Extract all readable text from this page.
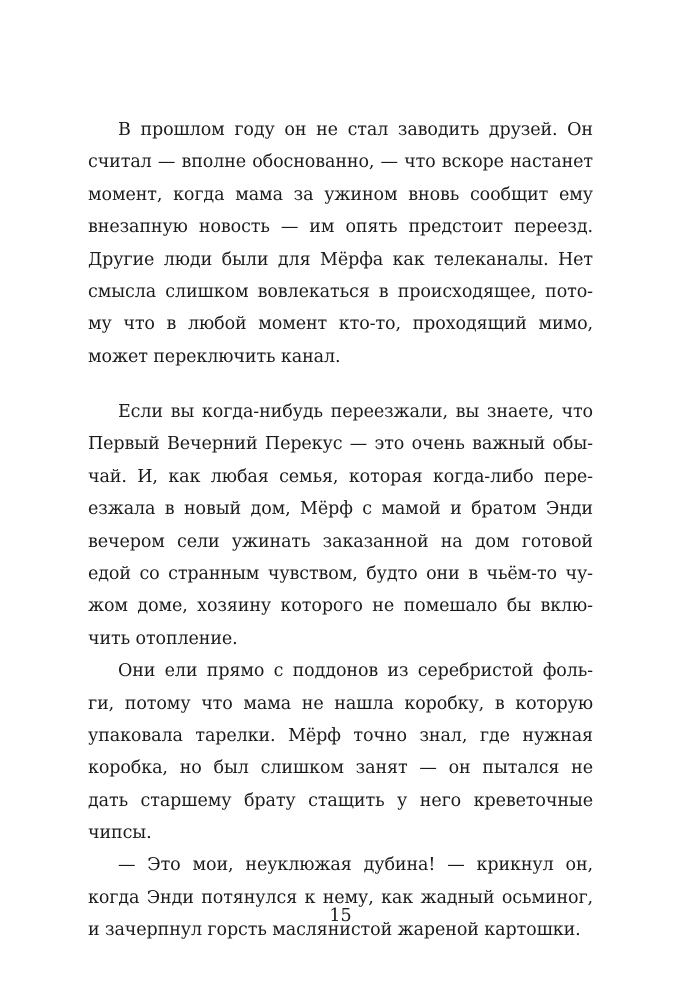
В прошлом году он не стал заводить друзей. Он
считал — вполне обоснованно, — что вскоре настанет
момент, когда мама за ужином вновь сообщит ему
внезапную новость — им опять предстоит переезд.
Другие люди были для Мёрфа как телеканалы. Нет
смысла слишком вовлекаться в происходящее, пото-
му что в любой момент кто-то, проходящий мимо,
может переключить канал.
Если вы когда-нибудь переезжали, вы знаете, что
Первый Вечерний Перекус — это очень важный обы-
чай. И, как любая семья, которая когда-либо пере-
езжала в новый дом, Мёрф с мамой и братом Энди
вечером сели ужинать заказанной на дом готовой
едой со странным чувством, будто они в чьём-то чу-
жом доме, хозяину которого не помешало бы вклю-
чить отопление.
Они ели прямо с поддонов из серебристой фоль-
ги, потому что мама не нашла коробку, в которую
упаковала тарелки. Мёрф точно знал, где нужная
коробка, но был слишком занят — он пытался не
дать старшему брату стащить у него креветочные
чипсы.
— Это мои, неуклюжая дубина! — крикнул он,
когда Энди потянулся к нему, как жадный осьминог,
и зачерпнул горсть маслянистой жареной картошки.
15
